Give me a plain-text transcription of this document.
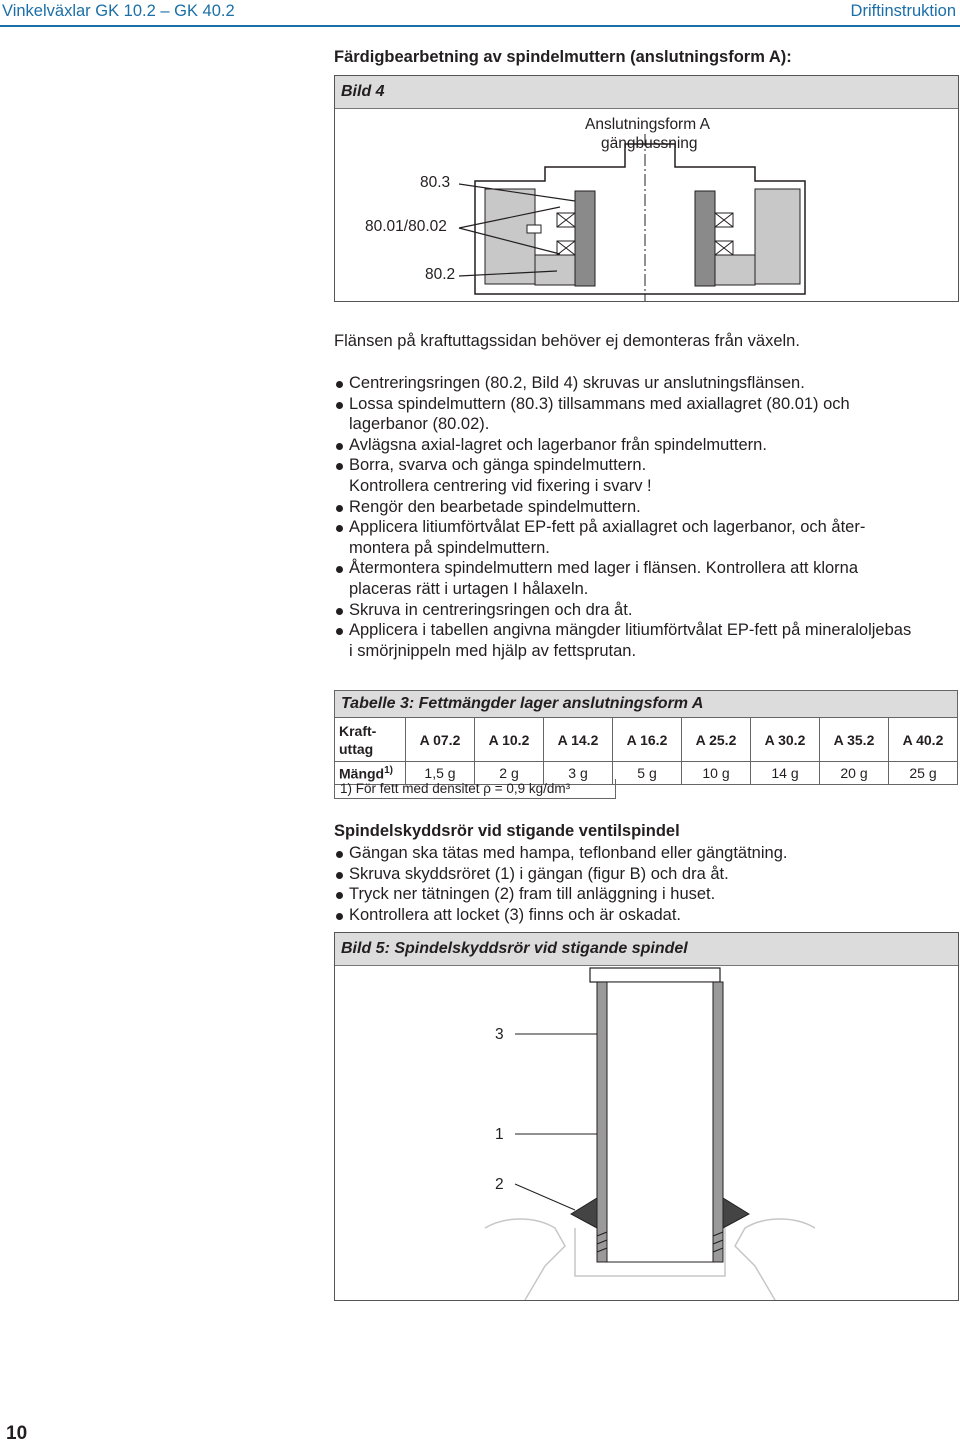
Vinkelväxlar GK 10.2 – GK 40.2	Driftinstruktion
Färdigbearbetning av spindelmuttern (anslutningsform A):
Bild 4
Anslutningsform A
gängbussning
80.3
80.01/80.02
80.2
Flänsen på kraftuttagssidan behöver ej demonteras från växeln.
Centreringsringen (80.2, Bild 4) skruvas ur anslutningsflänsen.
Lossa spindelmuttern (80.3) tillsammans med axiallagret (80.01) och
lagerbanor (80.02).
Avlägsna axial-lagret och lagerbanor från spindelmuttern.
Borra, svarva och gänga spindelmuttern.
Kontrollera centrering vid fixering i svarv !
Rengör den bearbetade spindelmuttern.
Applicera litiumförtvålat EP-fett på axiallagret och lagerbanor, och åter-
montera på spindelmuttern.
Återmontera spindelmuttern med lager i flänsen. Kontrollera att klorna
placeras rätt i urtagen I hålaxeln.
Skruva in centreringsringen och dra åt.
Applicera i tabellen angivna mängder litiumförtvålat EP-fett på mineraloljebas
i smörjnippeln med hjälp av fettsprutan.
Tabelle 3: Fettmängder lager anslutningsform A								
Kraft-
uttag	A 07.2	A 10.2	A 14.2	A 16.2	A 25.2	A 30.2	A 35.2	A 40.2
Mängd$^{1)}$	1,5 g	2 g	3 g	5 g	10 g	14 g	20 g	25 g
1) För fett med densitet ρ = 0,9 kg/dm³
Spindelskyddsrör vid stigande ventilspindel
Gängan ska tätas med hampa, teflonband eller gängtätning.
Skruva skyddsröret (1) i gängan (figur B) och dra åt.
Tryck ner tätningen (2) fram till anläggning i huset.
Kontrollera att locket (3) finns och är oskadat.
Bild 5: Spindelskyddsrör vid stigande spindel
3
1
2
10
